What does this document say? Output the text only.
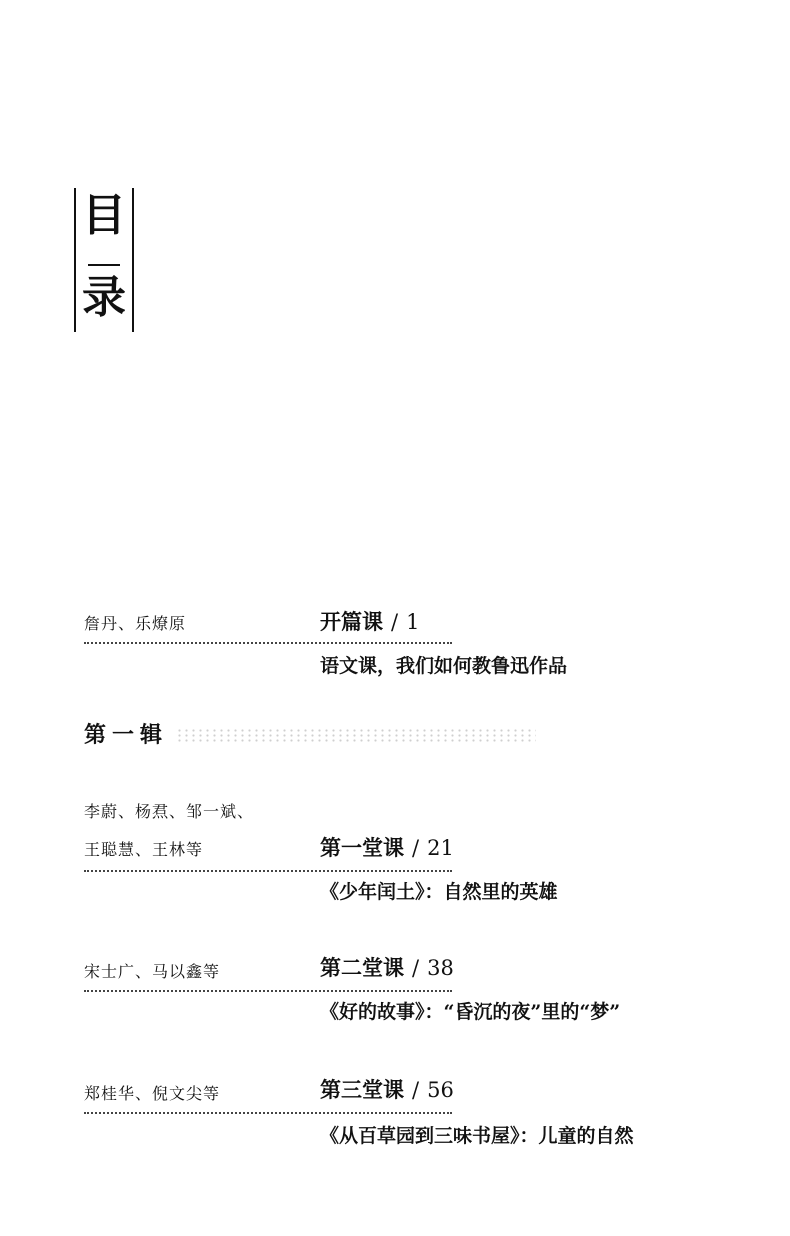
目
录
詹丹、乐燎原	开篇课 / 1
语文课，我们如何教鲁迅作品
第一辑
李蔚、杨焄、邹一斌、
王聪慧、王林等	第一堂课 / 21
《少年闰土》：自然里的英雄
宋士广、马以鑫等	第二堂课 / 38
《好的故事》：“昏沉的夜”里的“梦”
郑桂华、倪文尖等	第三堂课 / 56
《从百草园到三味书屋》：儿童的自然
